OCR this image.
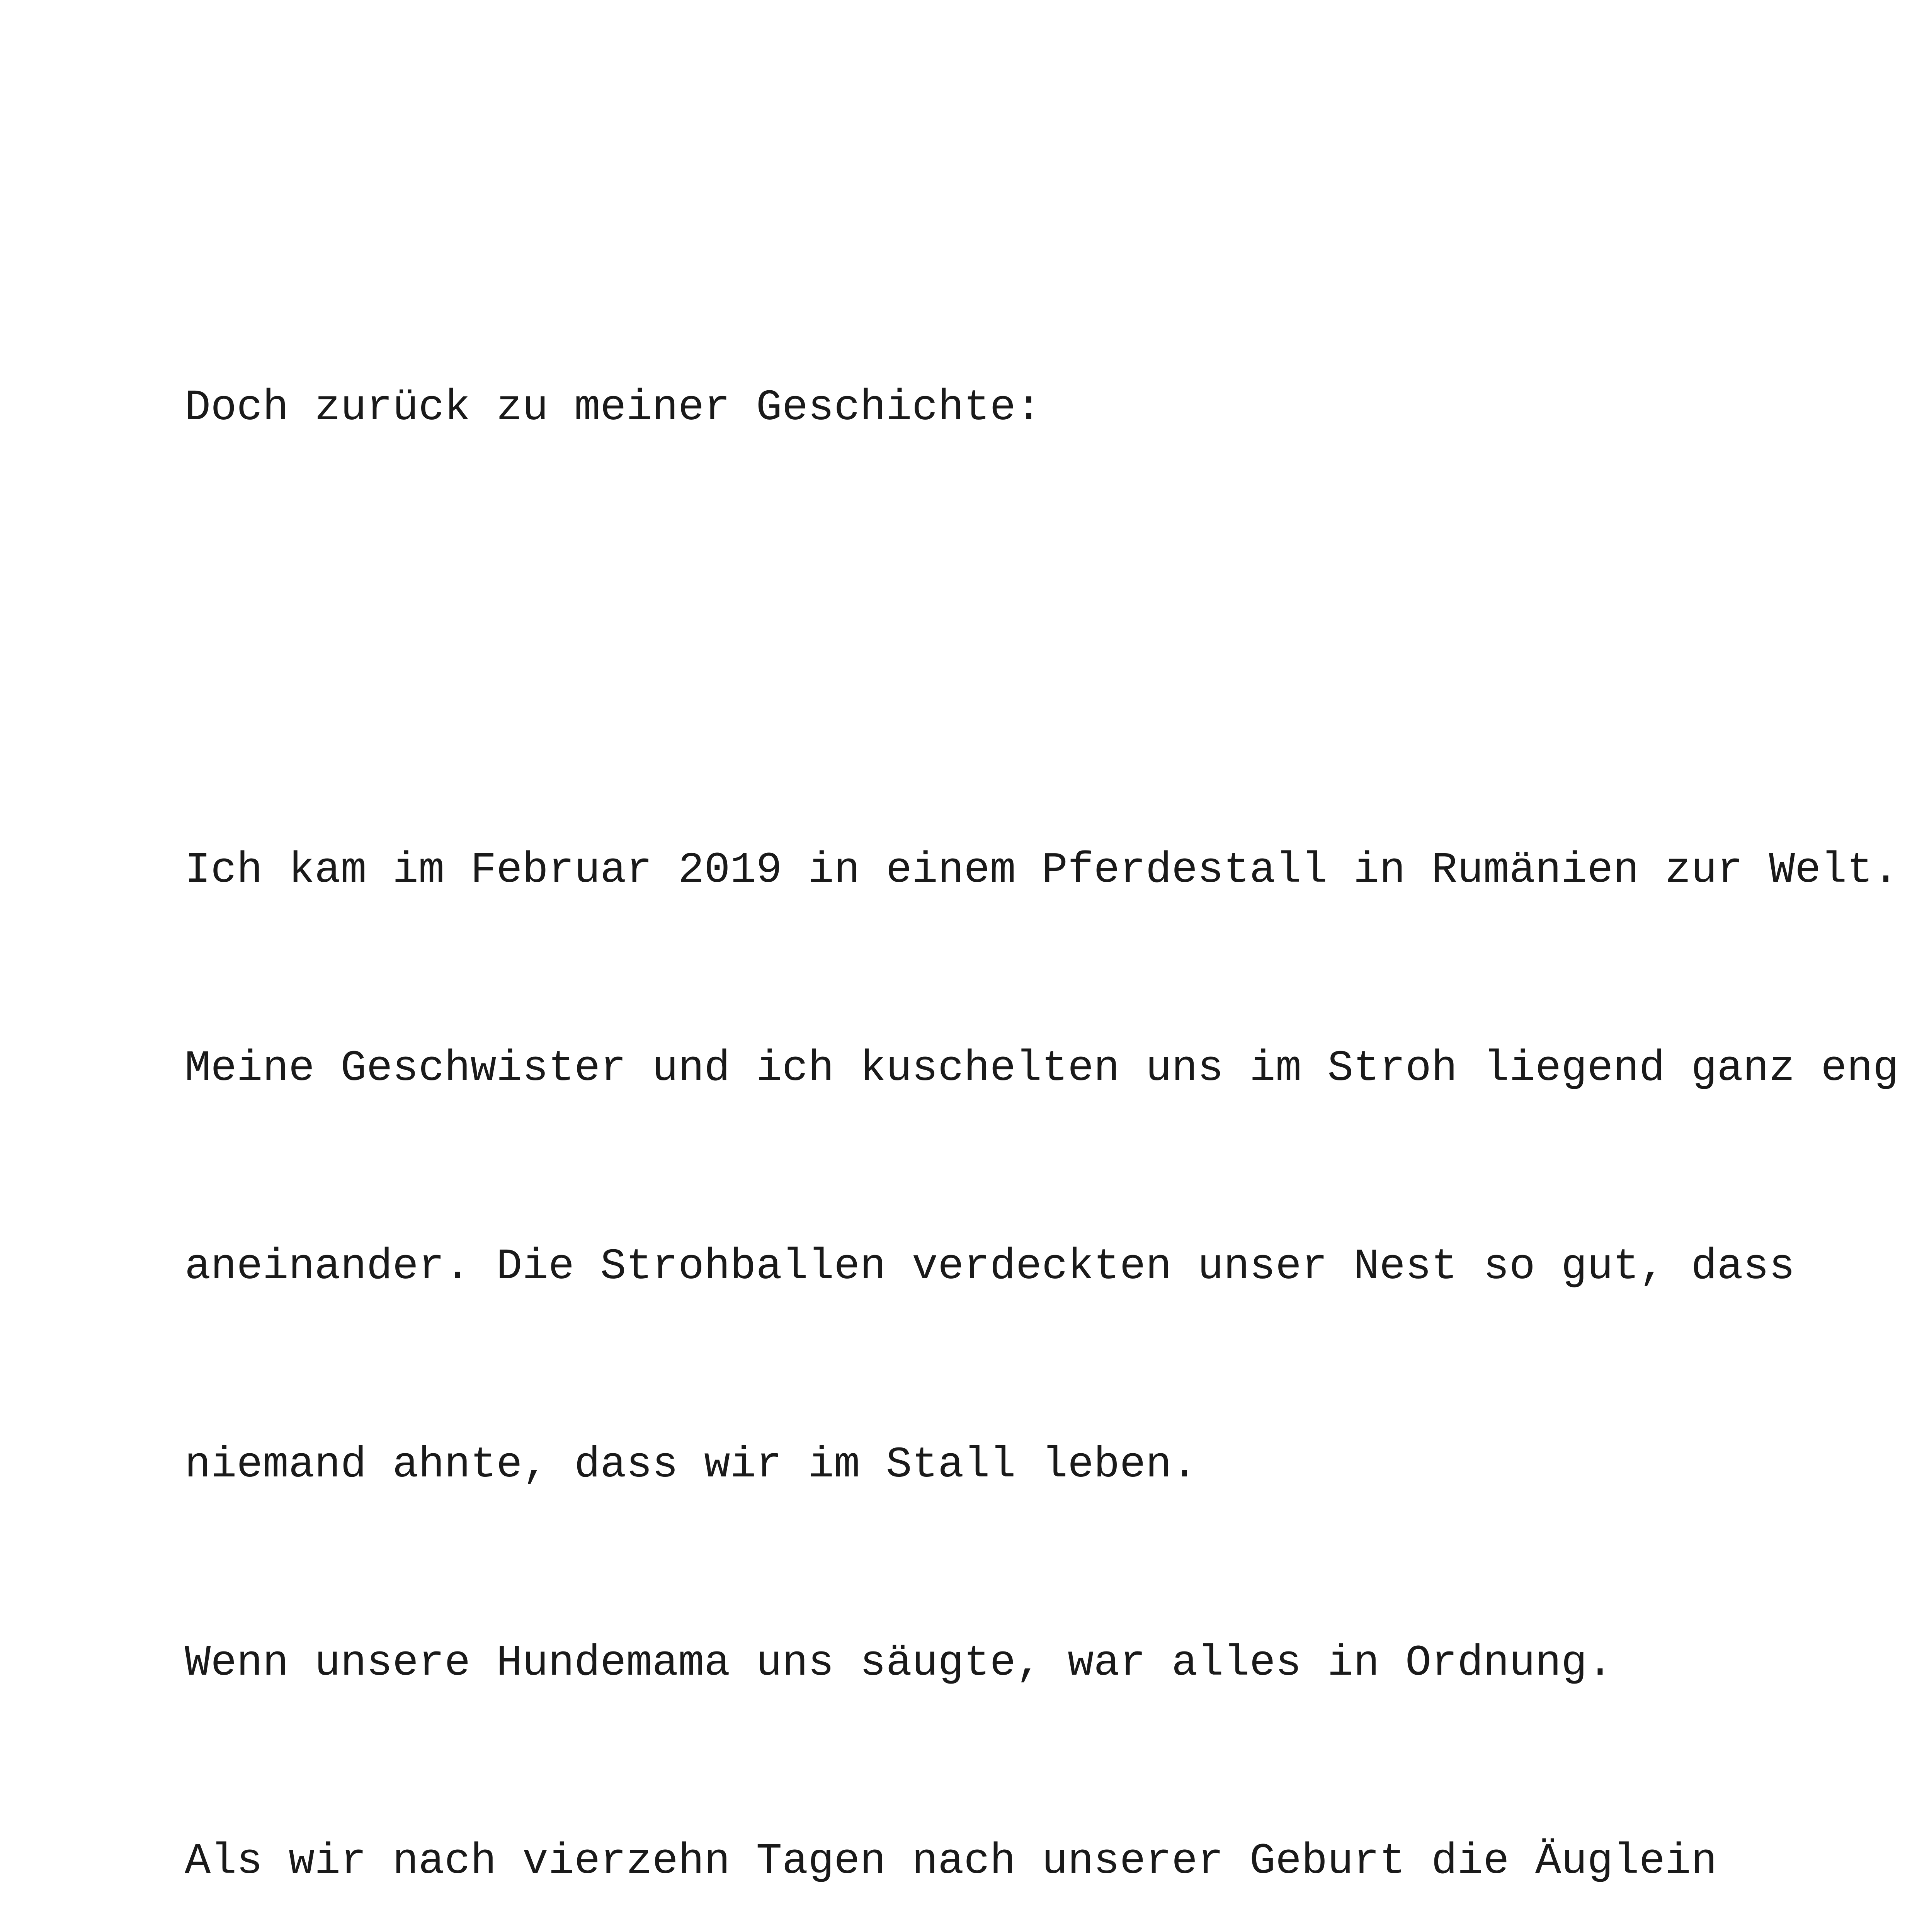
Doch zurück zu meiner Geschichte:

Ich kam im Februar 2019 in einem Pferdestall in Rumänien zur Welt.

Meine Geschwister und ich kuschelten uns im Stroh liegend ganz eng

aneinander. Die Strohballen verdeckten unser Nest so gut, dass

niemand ahnte, dass wir im Stall leben.

Wenn unsere Hundemama uns säugte, war alles in Ordnung.

Als wir nach vierzehn Tagen nach unserer Geburt die Äuglein
